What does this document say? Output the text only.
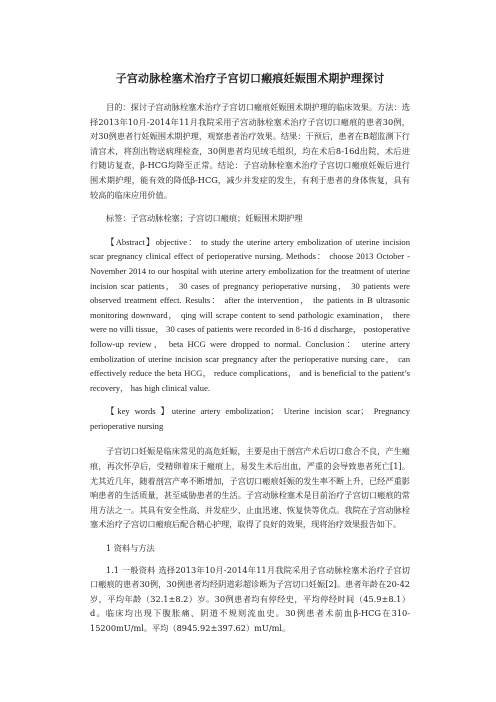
子宫动脉栓塞术治疗子宫切口瘢痕妊娠围术期护理探讨

目的：探讨子宫动脉栓塞术治疗子宫切口瘢痕妊娠围术期护理的临床效果。方法：选择2013年10月-2014年11月我院采用子宫动脉栓塞术治疗子宫切口瘢痕的患者30例，对30例患者行妊娠围术期护理，观察患者治疗效果。结果：干预后，患者在B超监测下行清宫术，将刮出物送病理检查，30例患者均见绒毛组织，均在术后8-16d出院，术后进行随访复查，β-HCG均降至正常。结论：子宫动脉栓塞术治疗子宫切口瘢痕妊娠后进行围术期护理，能有效的降低β-HCG，减少并发症的发生，有利于患者的身体恢复，具有较高的临床应用价值。

标签：子宫动脉栓塞；子宫切口瘢痕；妊娠围术期护理

【Abstract】objective： to study the uterine artery embolization of uterine incision scar pregnancy clinical effect of perioperative nursing. Methods： choose 2013 October - November 2014 to our hospital with uterine artery embolization for the treatment of uterine incision scar patients， 30 cases of pregnancy perioperative nursing， 30 patients were observed treatment effect. Results： after the intervention， the patients in B ultrasonic monitoring downward， qing will scrape content to send pathologic examination， there were no villi tissue， 30 cases of patients were recorded in 8-16 d discharge， postoperative follow-up review， beta HCG were dropped to normal. Conclusion： uterine artery embolization of uterine incision scar pregnancy after the perioperative nursing care， can effectively reduce the beta HCG， reduce complications， and is beneficial to the patient’s recovery， has high clinical value.

【key words 】uterine artery embolization； Uterine incision scar； Pregnancy perioperative nursing

子宫切口妊娠是临床常见的高危妊娠，主要是由于剖宫产术后切口愈合不良，产生瘢痕，再次怀孕后，受精卵着床于瘢痕上，易发生术后出血，严重的会导致患者死亡[1]。尤其近几年，随着剖宫产率不断增加，子宫切口瘢痕妊娠的发生率不断上升，已经严重影响患者的生活质量，甚至威胁患者的生活。子宫动脉栓塞术是目前治疗子宫切口瘢痕的常用方法之一。其具有安全性高、并发症少、止血迅速、恢复快等优点。我院在子宫动脉栓塞术治疗子宫切口瘢痕后配合精心护理，取得了良好的效果，现将治疗效果报告如下。

1 资料与方法

1.1 一般资料 选择2013年10月-2014年11月我院采用子宫动脉栓塞术治疗子宫切口瘢痕的患者30例，30例患者均经阴道彩超诊断为子宫切口妊娠[2]。患者年龄在20-42岁，平均年龄（32.1±8.2）岁。30例患者均有停经史，平均停经时间（45.9±8.1）d。临床均出现下腹胀痛、阴道不规则流血史。30例患者术前血β-HCG在310-15200mU/ml。平均（8945.92±397.62）mU/ml。
